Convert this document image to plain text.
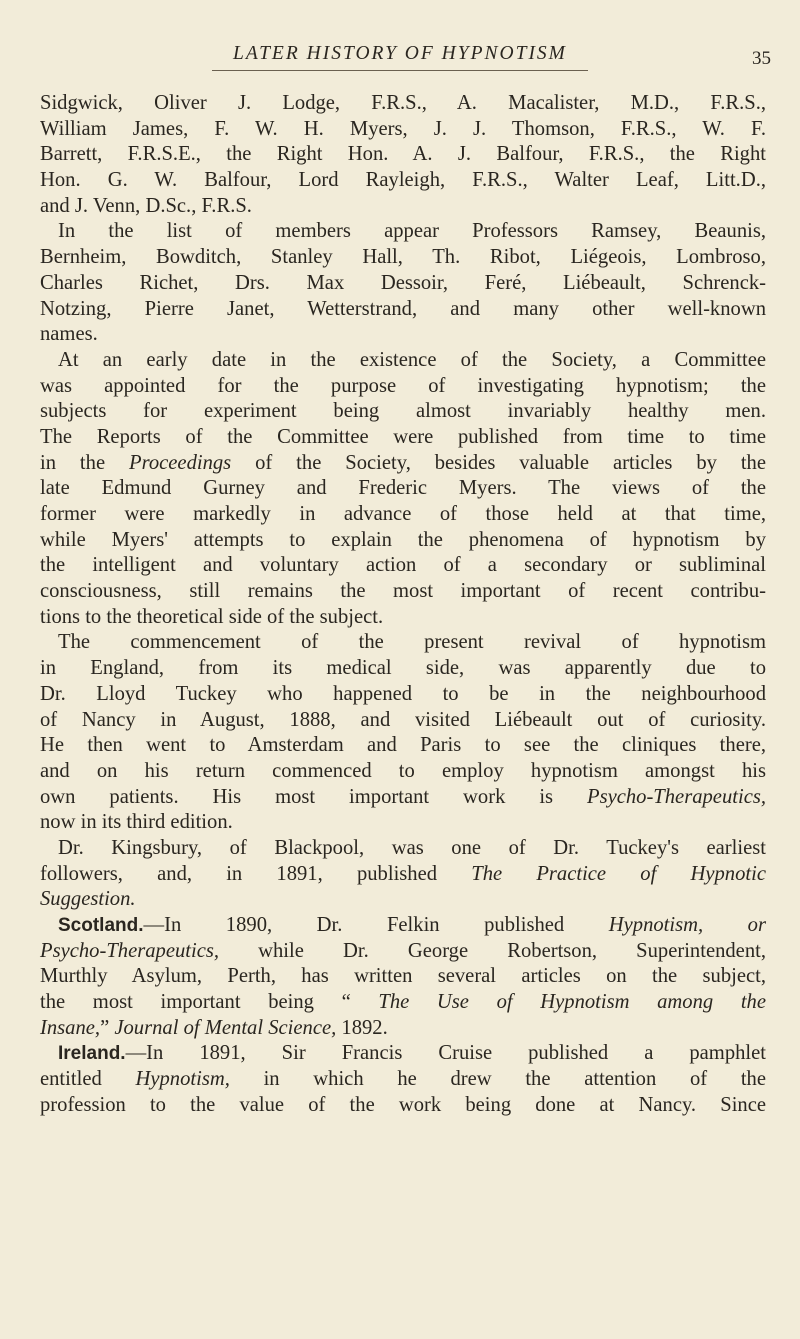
LATER HISTORY OF HYPNOTISM	35
Sidgwick, Oliver J. Lodge, F.R.S., A. Macalister, M.D., F.R.S.,
William James, F. W. H. Myers, J. J. Thomson, F.R.S., W. F.
Barrett, F.R.S.E., the Right Hon. A. J. Balfour, F.R.S., the Right
Hon. G. W. Balfour, Lord Rayleigh, F.R.S., Walter Leaf, Litt.D.,
and J. Venn, D.Sc., F.R.S.
In the list of members appear Professors Ramsey, Beaunis,
Bernheim, Bowditch, Stanley Hall, Th. Ribot, Liégeois, Lombroso,
Charles Richet, Drs. Max Dessoir, Feré, Liébeault, Schrenck-
Notzing, Pierre Janet, Wetterstrand, and many other well-known
names.
At an early date in the existence of the Society, a Committee
was appointed for the purpose of investigating hypnotism; the
subjects for experiment being almost invariably healthy men.
The Reports of the Committee were published from time to time
in the Proceedings of the Society, besides valuable articles by the
late Edmund Gurney and Frederic Myers. The views of the
former were markedly in advance of those held at that time,
while Myers' attempts to explain the phenomena of hypnotism by
the intelligent and voluntary action of a secondary or subliminal
consciousness, still remains the most important of recent contribu-
tions to the theoretical side of the subject.
The commencement of the present revival of hypnotism
in England, from its medical side, was apparently due to
Dr. Lloyd Tuckey who happened to be in the neighbourhood
of Nancy in August, 1888, and visited Liébeault out of curiosity.
He then went to Amsterdam and Paris to see the cliniques there,
and on his return commenced to employ hypnotism amongst his
own patients. His most important work is Psycho-Therapeutics,
now in its third edition.
Dr. Kingsbury, of Blackpool, was one of Dr. Tuckey's earliest
followers, and, in 1891, published The Practice of Hypnotic
Suggestion.
Scotland.—In 1890, Dr. Felkin published Hypnotism, or
Psycho-Therapeutics, while Dr. George Robertson, Superintendent,
Murthly Asylum, Perth, has written several articles on the subject,
the most important being “ The Use of Hypnotism among the
Insane,” Journal of Mental Science, 1892.
Ireland.—In 1891, Sir Francis Cruise published a pamphlet
entitled Hypnotism, in which he drew the attention of the
profession to the value of the work being done at Nancy. Since
